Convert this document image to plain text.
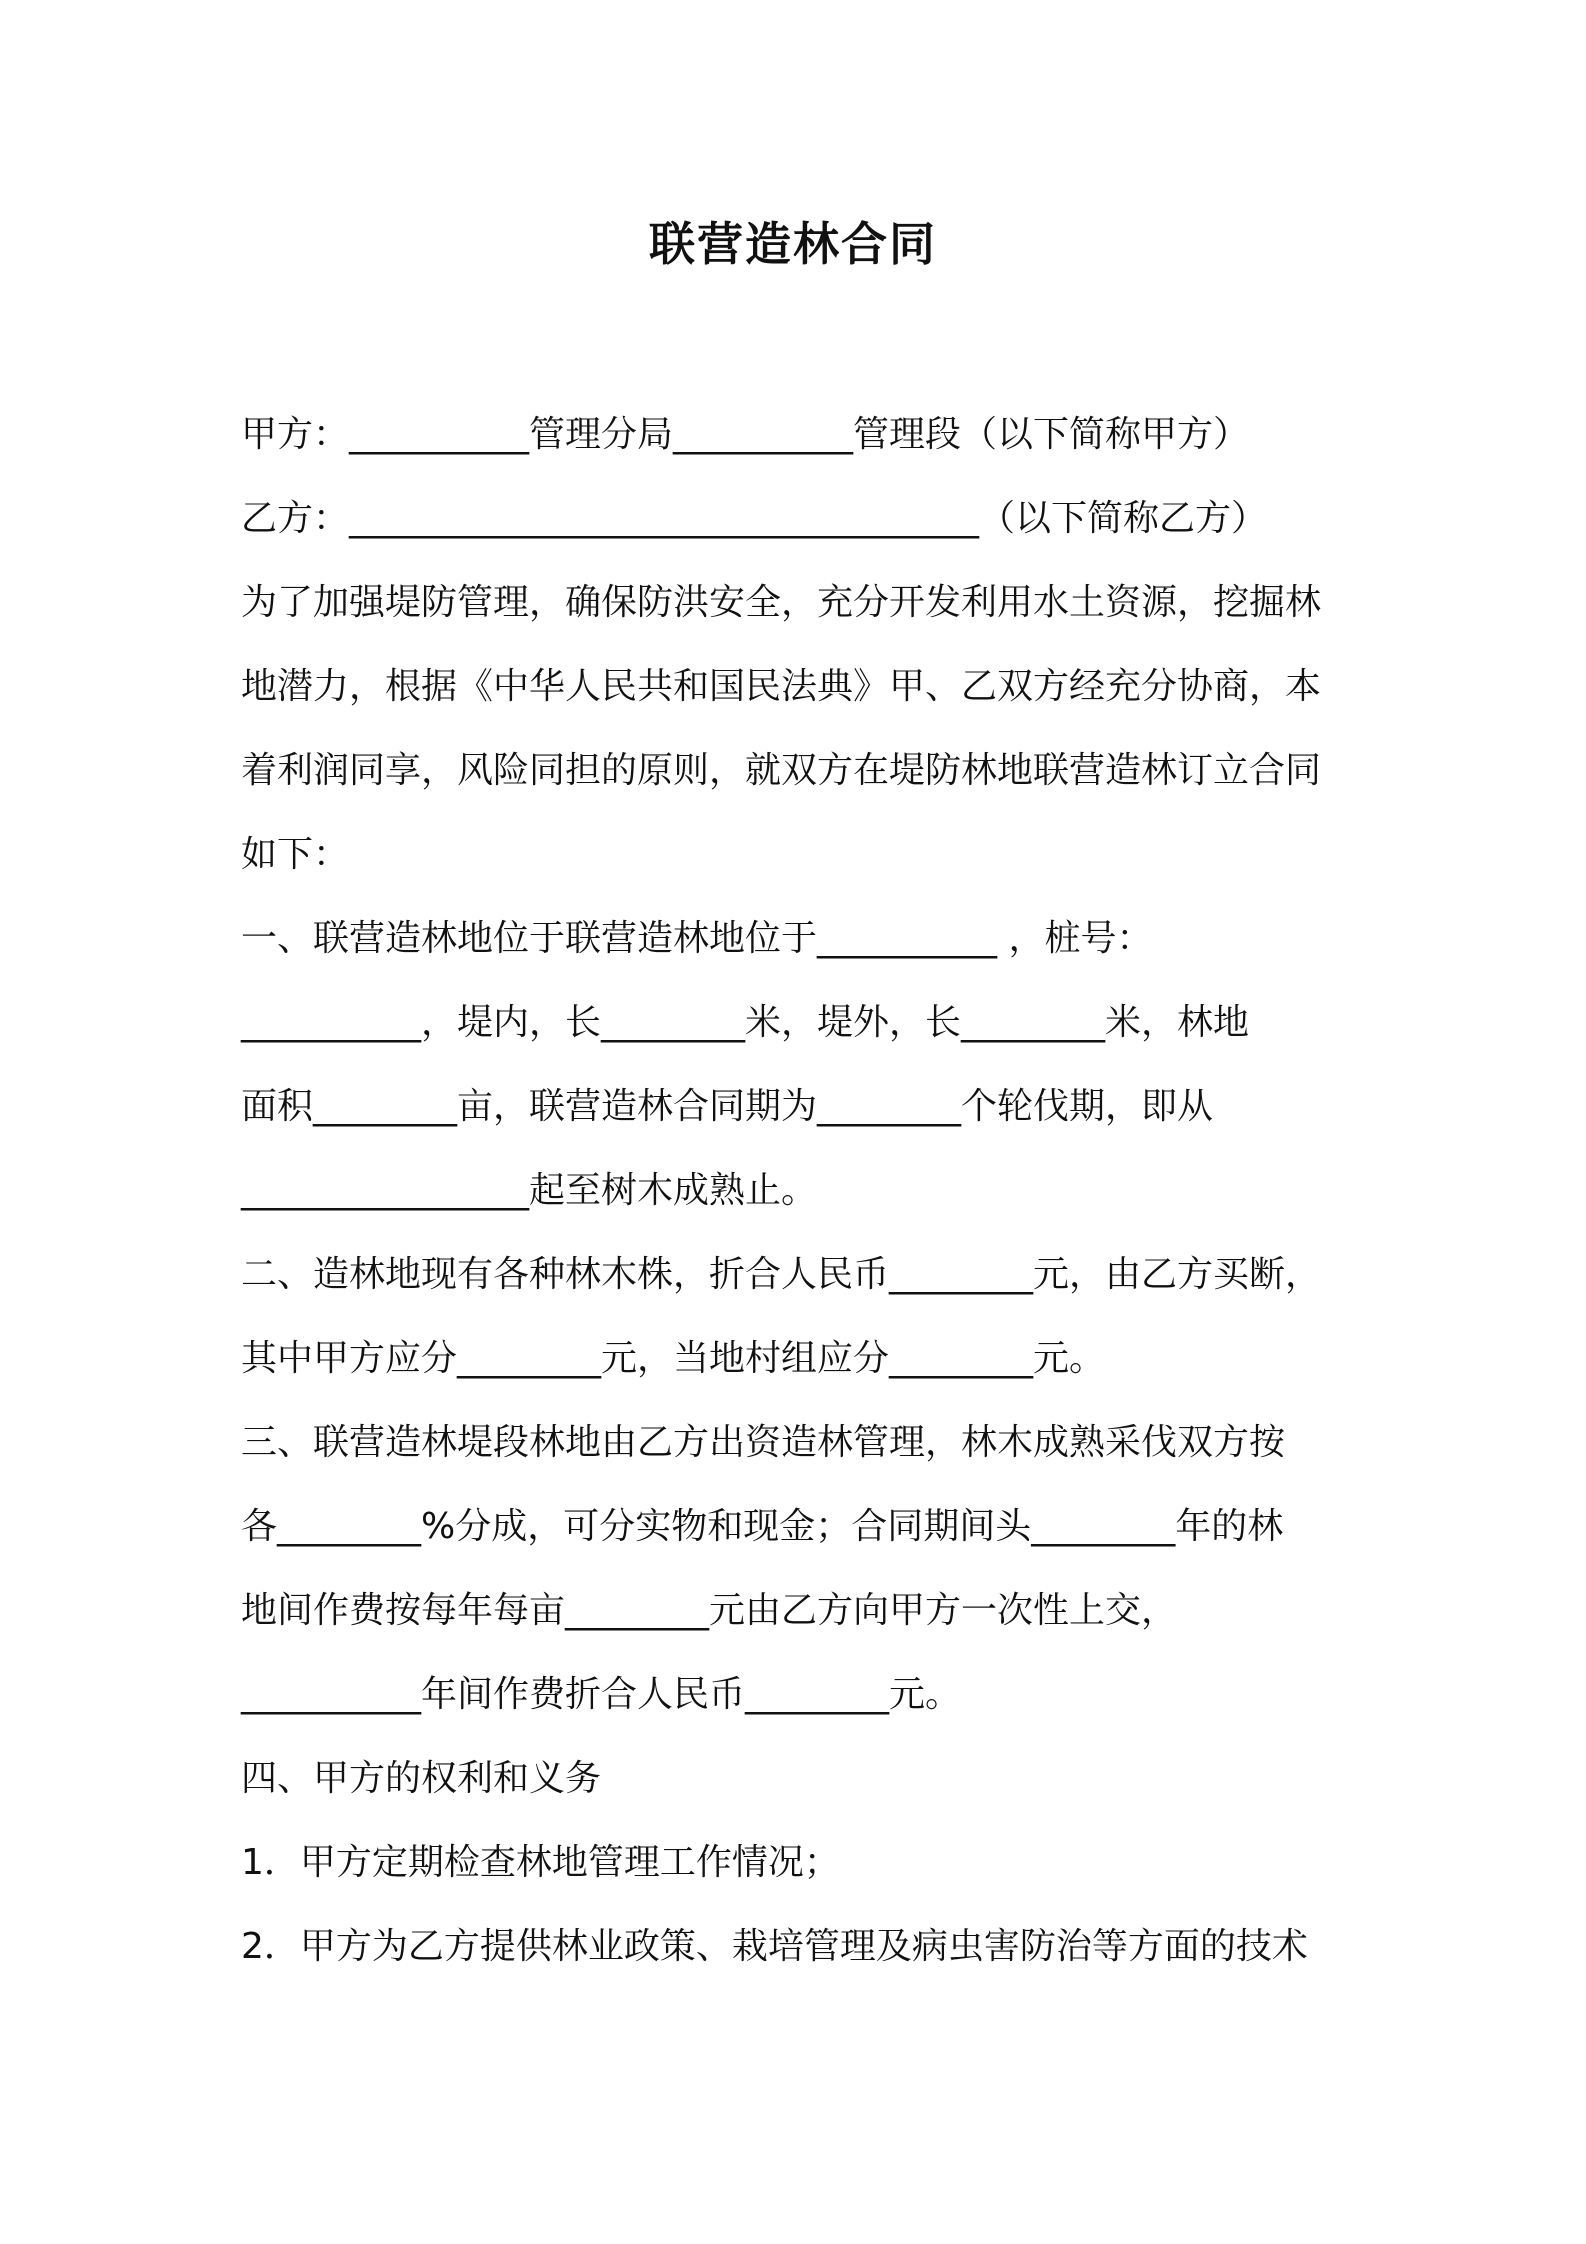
联营造林合同

甲方：__________管理分局__________管理段（以下简称甲方）

乙方：___________________________________（以下简称乙方）

为了加强堤防管理，确保防洪安全，充分开发利用水土资源，挖掘林

地潜力，根据《中华人民共和国民法典》甲、乙双方经充分协商，本

着利润同享，风险同担的原则，就双方在堤防林地联营造林订立合同

如下：

一、联营造林地位于联营造林地位于__________ ，桩号：

__________，堤内，长________米，堤外，长________米，林地

面积________亩，联营造林合同期为________个轮伐期，即从

________________起至树木成熟止。

二、造林地现有各种林木株，折合人民币________元，由乙方买断，

其中甲方应分________元，当地村组应分________元。

三、联营造林堤段林地由乙方出资造林管理，林木成熟采伐双方按

各________%分成，可分实物和现金；合同期间头________年的林

地间作费按每年每亩________元由乙方向甲方一次性上交，

__________年间作费折合人民币________元。

四、甲方的权利和义务

1．甲方定期检查林地管理工作情况；

2．甲方为乙方提供林业政策、栽培管理及病虫害防治等方面的技术
